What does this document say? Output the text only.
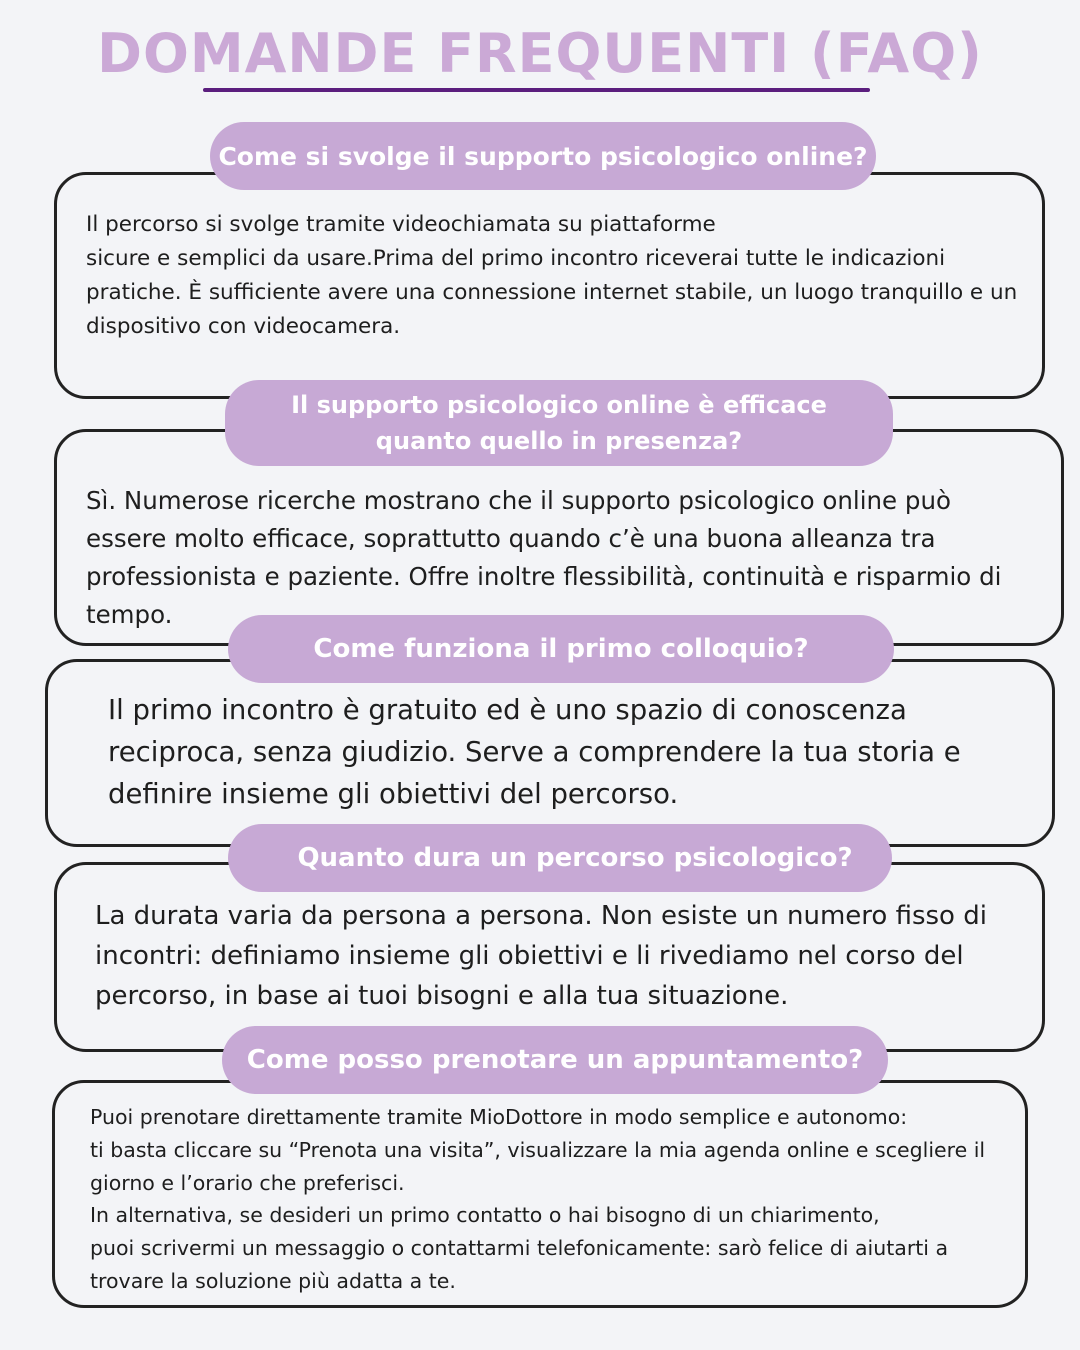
DOMANDE FREQUENTI (FAQ)
Come si svolge il supporto psicologico online?

Il percorso si svolge tramite videochiamata su piattaforme
sicure e semplici da usare.Prima del primo incontro riceverai tutte le indicazioni pratiche. È sufficiente avere una connessione internet stabile, un luogo tranquillo e un dispositivo con videocamera.

Il supporto psicologico online è efficace quanto quello in presenza?

Sì. Numerose ricerche mostrano che il supporto psicologico online può essere molto efficace, soprattutto quando c’è una buona alleanza tra professionista e paziente. Offre inoltre flessibilità, continuità e risparmio di tempo.

Come funziona il primo colloquio?

Il primo incontro è gratuito ed è uno spazio di conoscenza reciproca, senza giudizio. Serve a comprendere la tua storia e definire insieme gli obiettivi del percorso.

Quanto dura un percorso psicologico?

La durata varia da persona a persona. Non esiste un numero fisso di incontri: definiamo insieme gli obiettivi e li rivediamo nel corso del percorso, in base ai tuoi bisogni e alla tua situazione.

Come posso prenotare un appuntamento?

Puoi prenotare direttamente tramite MioDottore in modo semplice e autonomo:
ti basta cliccare su “Prenota una visita”, visualizzare la mia agenda online e scegliere il giorno e l’orario che preferisci.
In alternativa, se desideri un primo contatto o hai bisogno di un chiarimento,
puoi scrivermi un messaggio o contattarmi telefonicamente: sarò felice di aiutarti a trovare la soluzione più adatta a te.
